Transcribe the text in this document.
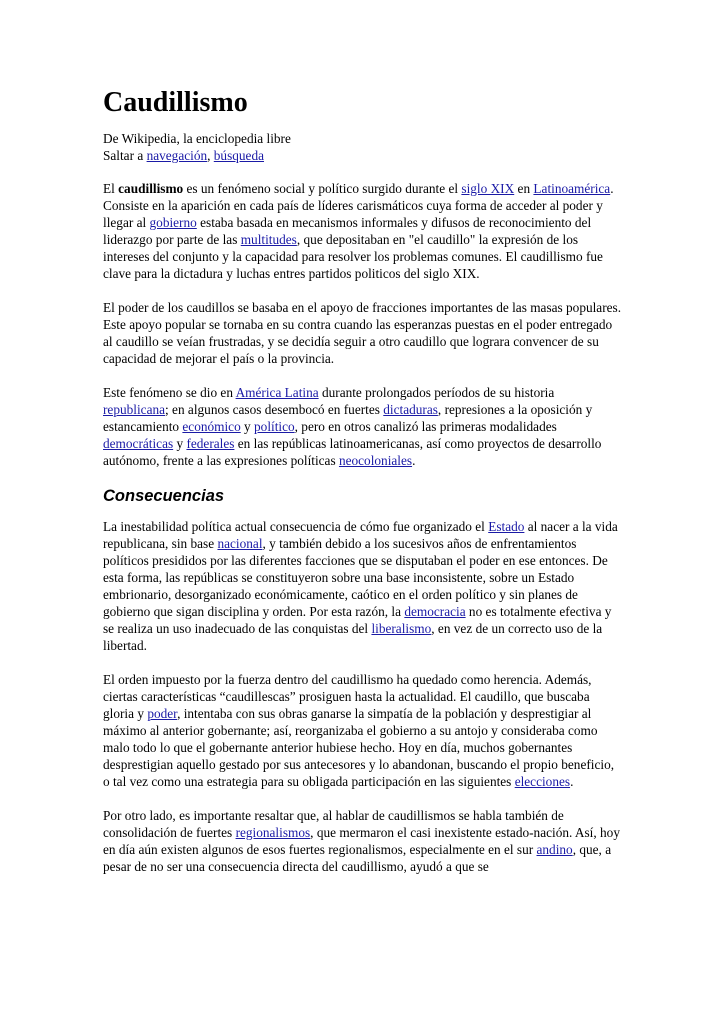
Caudillismo
De Wikipedia, la enciclopedia libre
Saltar a navegación, búsqueda

El caudillismo es un fenómeno social y político surgido durante el siglo XIX en Latinoamérica. Consiste en la aparición en cada país de líderes carismáticos cuya forma de acceder al poder y llegar al gobierno estaba basada en mecanismos informales y difusos de reconocimiento del liderazgo por parte de las multitudes, que depositaban en "el caudillo" la expresión de los intereses del conjunto y la capacidad para resolver los problemas comunes. El caudillismo fue clave para la dictadura y luchas entres partidos politicos del siglo XIX.

El poder de los caudillos se basaba en el apoyo de fracciones importantes de las masas populares. Este apoyo popular se tornaba en su contra cuando las esperanzas puestas en el poder entregado al caudillo se veían frustradas, y se decidía seguir a otro caudillo que lograra convencer de su capacidad de mejorar el país o la provincia.

Este fenómeno se dio en América Latina durante prolongados períodos de su historia republicana; en algunos casos desembocó en fuertes dictaduras, represiones a la oposición y estancamiento económico y político, pero en otros canalizó las primeras modalidades democráticas y federales en las repúblicas latinoamericanas, así como proyectos de desarrollo autónomo, frente a las expresiones políticas neocoloniales.

Consecuencias

La inestabilidad política actual consecuencia de cómo fue organizado el Estado al nacer a la vida republicana, sin base nacional, y también debido a los sucesivos años de enfrentamientos políticos presididos por las diferentes facciones que se disputaban el poder en ese entonces. De esta forma, las repúblicas se constituyeron sobre una base inconsistente, sobre un Estado embrionario, desorganizado económicamente, caótico en el orden político y sin planes de gobierno que sigan disciplina y orden. Por esta razón, la democracia no es totalmente efectiva y se realiza un uso inadecuado de las conquistas del liberalismo, en vez de un correcto uso de la libertad.

El orden impuesto por la fuerza dentro del caudillismo ha quedado como herencia. Además, ciertas características “caudillescas” prosiguen hasta la actualidad. El caudillo, que buscaba gloria y poder, intentaba con sus obras ganarse la simpatía de la población y desprestigiar al máximo al anterior gobernante; así, reorganizaba el gobierno a su antojo y consideraba como malo todo lo que el gobernante anterior hubiese hecho. Hoy en día, muchos gobernantes desprestigian aquello gestado por sus antecesores y lo abandonan, buscando el propio beneficio, o tal vez como una estrategia para su obligada participación en las siguientes elecciones.

Por otro lado, es importante resaltar que, al hablar de caudillismos se habla también de consolidación de fuertes regionalismos, que mermaron el casi inexistente estado-nación. Así, hoy en día aún existen algunos de esos fuertes regionalismos, especialmente en el sur andino, que, a pesar de no ser una consecuencia directa del caudillismo, ayudó a que se
